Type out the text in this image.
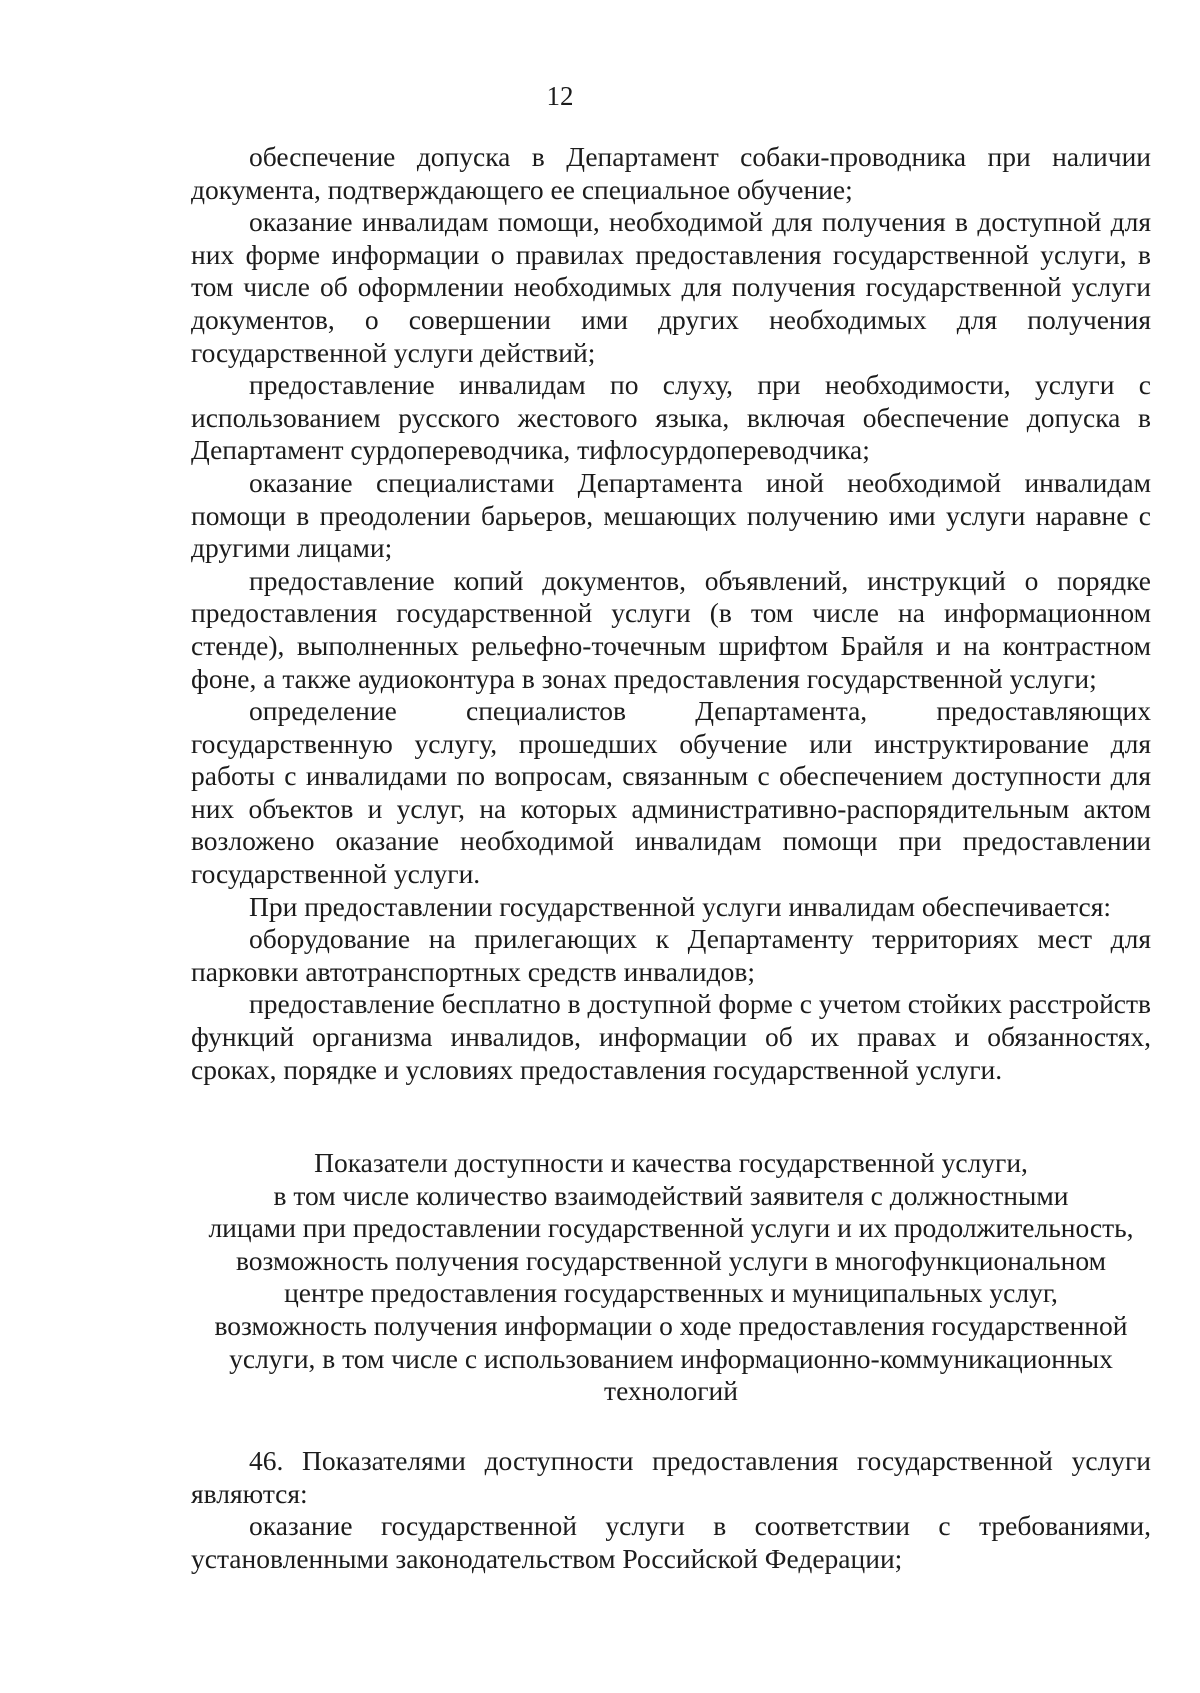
12

обеспечение допуска в Департамент собаки-проводника при наличии документа, подтверждающего ее специальное обучение;

оказание инвалидам помощи, необходимой для получения в доступной для них форме информации о правилах предоставления государственной услуги, в том числе об оформлении необходимых для получения государственной услуги документов, о совершении ими других необходимых для получения государственной услуги действий;

предоставление инвалидам по слуху, при необходимости, услуги с использованием русского жестового языка, включая обеспечение допуска в Департамент сурдопереводчика, тифлосурдопереводчика;

оказание специалистами Департамента иной необходимой инвалидам помощи в преодолении барьеров, мешающих получению ими услуги наравне с другими лицами;

предоставление копий документов, объявлений, инструкций о порядке предоставления государственной услуги (в том числе на информационном стенде), выполненных рельефно-точечным шрифтом Брайля и на контрастном фоне, а также аудиоконтура в зонах предоставления государственной услуги;

определение специалистов Департамента, предоставляющих государственную услугу, прошедших обучение или инструктирование для работы с инвалидами по вопросам, связанным с обеспечением доступности для них объектов и услуг, на которых административно-распорядительным актом возложено оказание необходимой инвалидам помощи при предоставлении государственной услуги.

При предоставлении государственной услуги инвалидам обеспечивается:

оборудование на прилегающих к Департаменту территориях мест для парковки автотранспортных средств инвалидов;

предоставление бесплатно в доступной форме с учетом стойких расстройств функций организма инвалидов, информации об их правах и обязанностях, сроках, порядке и условиях предоставления государственной услуги.

Показатели доступности и качества государственной услуги,
в том числе количество взаимодействий заявителя с должностными
лицами при предоставлении государственной услуги и их продолжительность,
возможность получения государственной услуги в многофункциональном
центре предоставления государственных и муниципальных услуг,
возможность получения информации о ходе предоставления государственной
услуги, в том числе с использованием информационно-коммуникационных
технологий

46. Показателями доступности предоставления государственной услуги являются:

оказание государственной услуги в соответствии с требованиями, установленными законодательством Российской Федерации;
